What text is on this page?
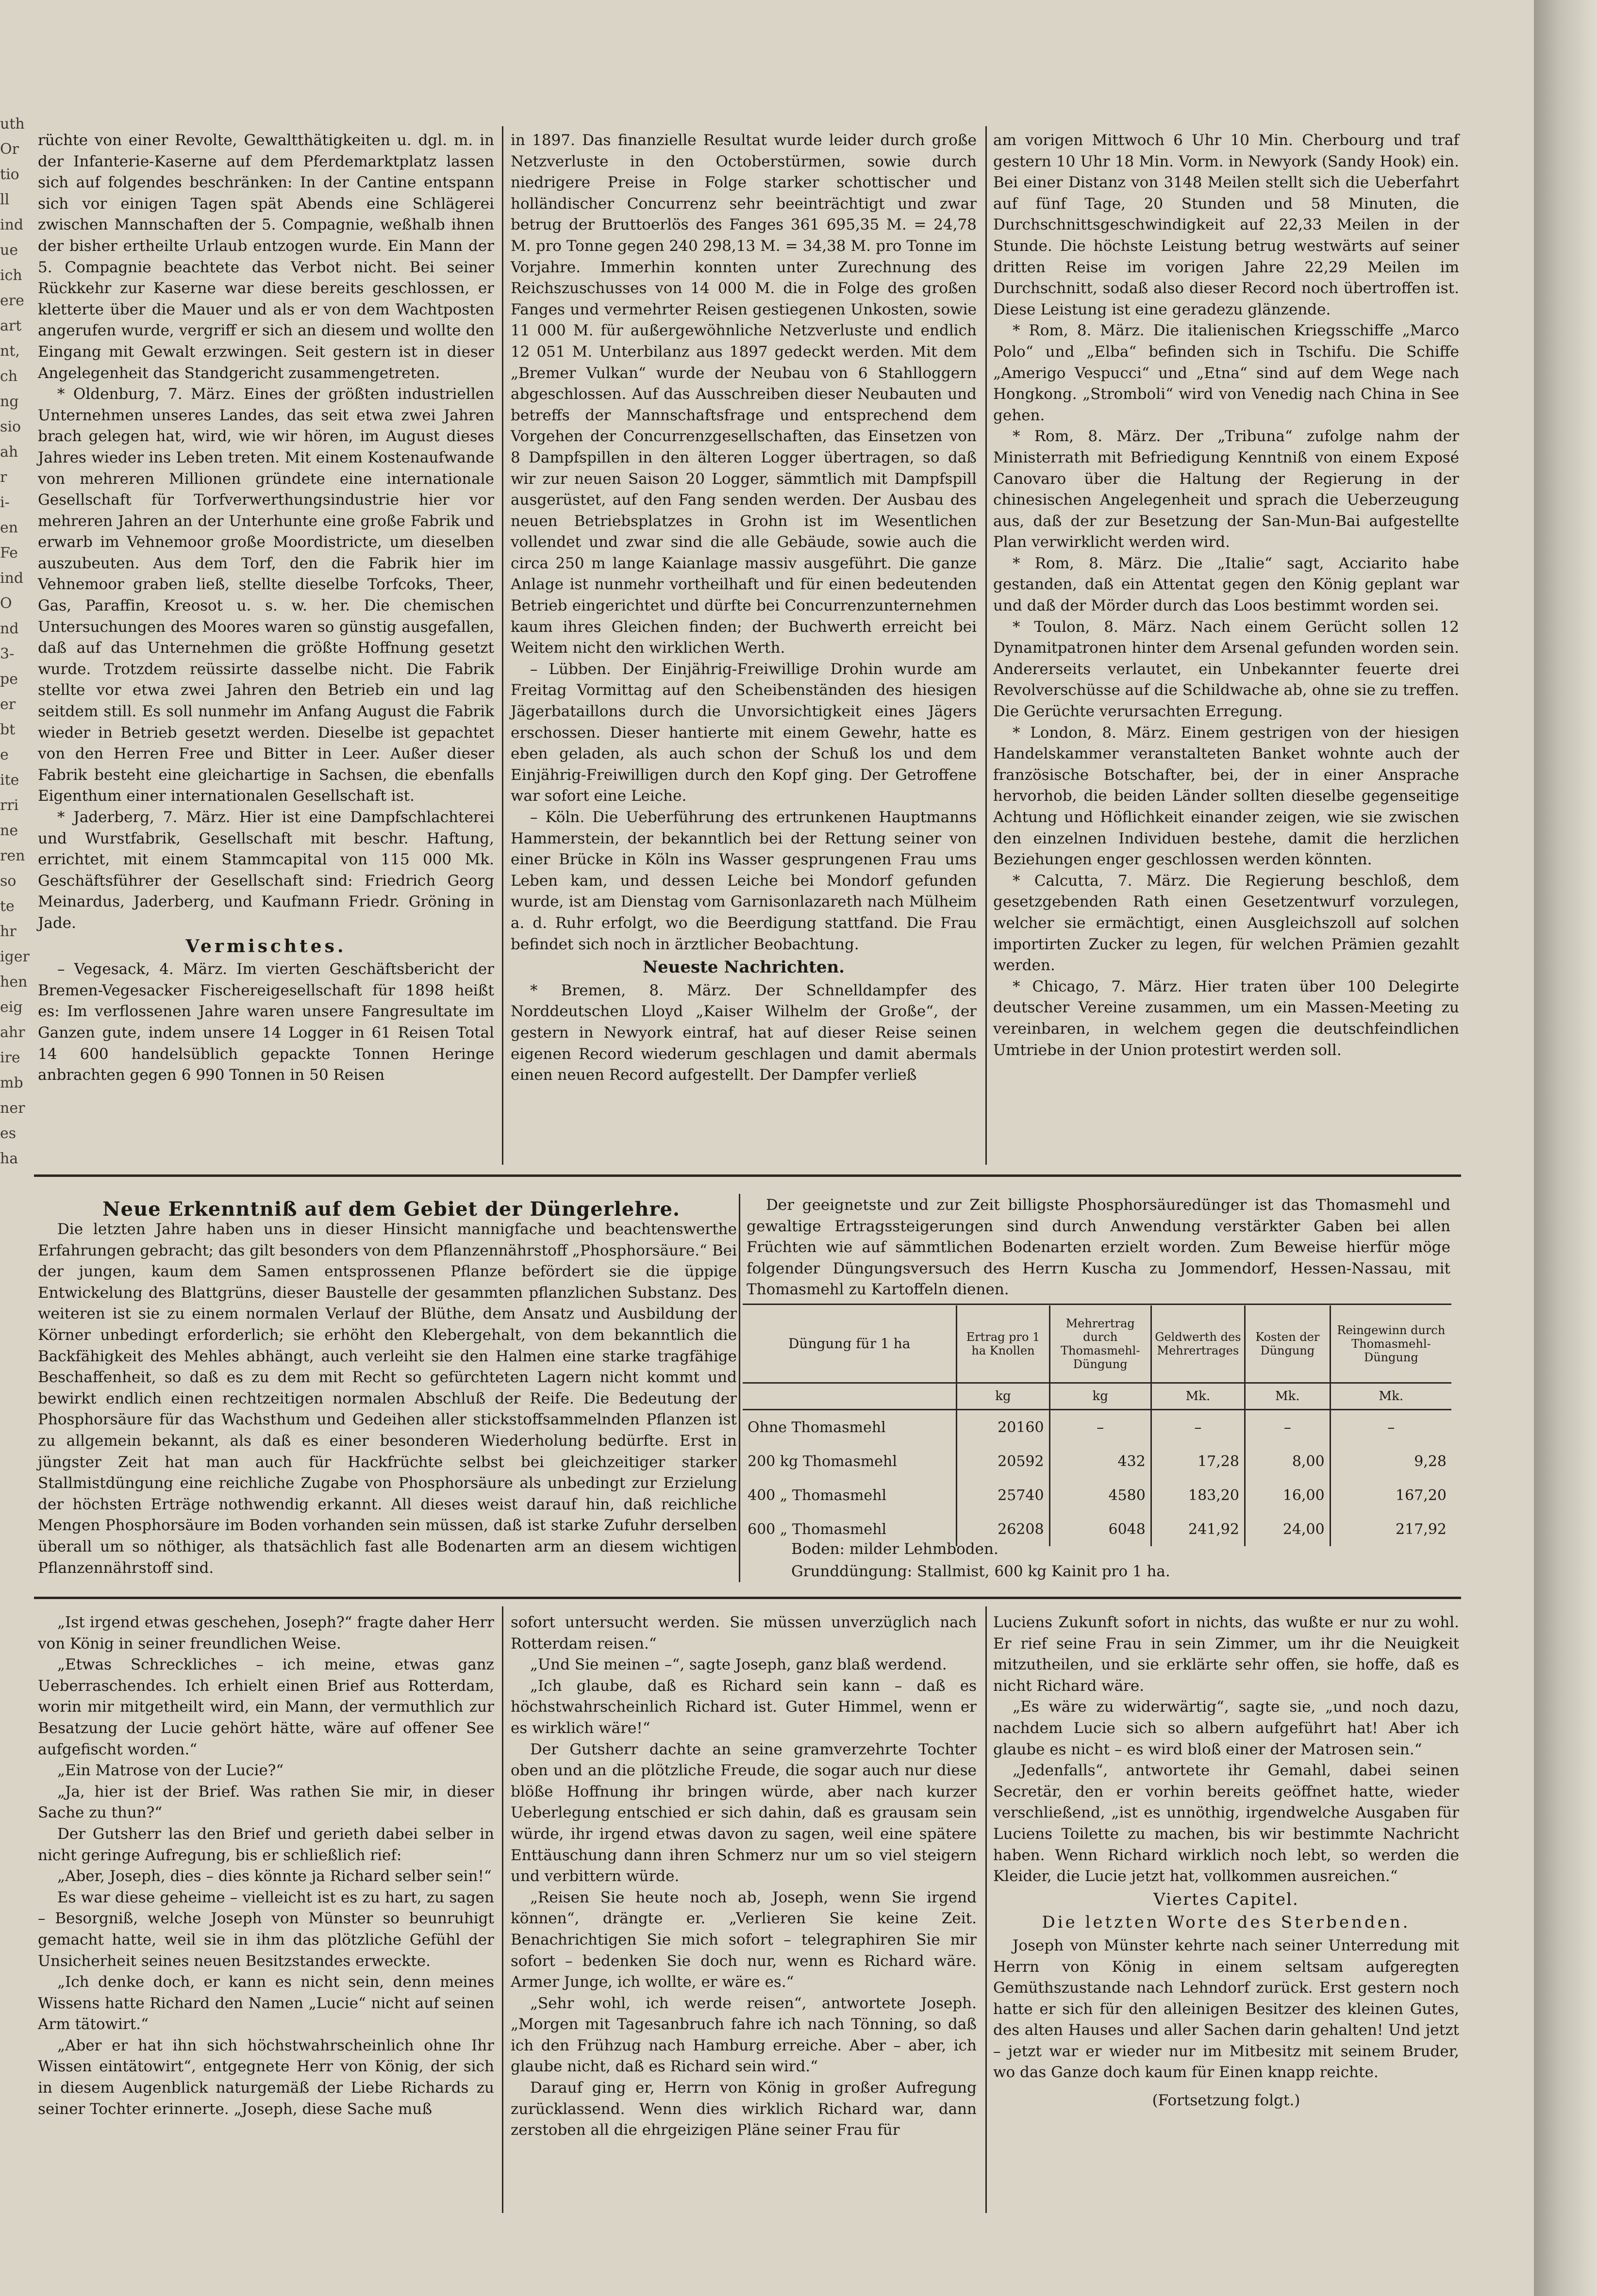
uth
Or
tio
ll
ind
ue
ich
ere
art
nt,
ch
ng
sio
ah
r
i-
en
Fe
ind
O
nd
3-
pe
er
bt
e
ite
rri
ne
ren
so
te
hr
iger
hen
eig
ahr
ire
mb
ner
es
ha

rüchte von einer Revolte, Gewaltthätigkeiten u. dgl. m. in der Infanterie-Kaserne auf dem Pferdemarktplatz lassen sich auf folgendes beschränken: In der Cantine entspann sich vor einigen Tagen spät Abends eine Schlägerei zwischen Mannschaften der 5. Compagnie, weßhalb ihnen der bisher ertheilte Urlaub entzogen wurde. Ein Mann der 5. Compagnie beachtete das Verbot nicht. Bei seiner Rückkehr zur Kaserne war diese bereits geschlossen, er kletterte über die Mauer und als er von dem Wachtposten angerufen wurde, vergriff er sich an diesem und wollte den Eingang mit Gewalt erzwingen. Seit gestern ist in dieser Angelegenheit das Standgericht zusammengetreten.

* Oldenburg, 7. März. Eines der größten industriellen Unternehmen unseres Landes, das seit etwa zwei Jahren brach gelegen hat, wird, wie wir hören, im August dieses Jahres wieder ins Leben treten. Mit einem Kostenaufwande von mehreren Millionen gründete eine internationale Gesellschaft für Torfverwerthungsindustrie hier vor mehreren Jahren an der Unterhunte eine große Fabrik und erwarb im Vehnemoor große Moordistricte, um dieselben auszubeuten. Aus dem Torf, den die Fabrik hier im Vehnemoor graben ließ, stellte dieselbe Torfcoks, Theer, Gas, Paraffin, Kreosot u. s. w. her. Die chemischen Untersuchungen des Moores waren so günstig ausgefallen, daß auf das Unternehmen die größte Hoffnung gesetzt wurde. Trotzdem reüssirte dasselbe nicht. Die Fabrik stellte vor etwa zwei Jahren den Betrieb ein und lag seitdem still. Es soll nunmehr im Anfang August die Fabrik wieder in Betrieb gesetzt werden. Dieselbe ist gepachtet von den Herren Free und Bitter in Leer. Außer dieser Fabrik besteht eine gleichartige in Sachsen, die ebenfalls Eigenthum einer internationalen Gesellschaft ist.

* Jaderberg, 7. März. Hier ist eine Dampfschlachterei und Wurstfabrik, Gesellschaft mit beschr. Haftung, errichtet, mit einem Stammcapital von 115 000 Mk. Geschäftsführer der Gesellschaft sind: Friedrich Georg Meinardus, Jaderberg, und Kaufmann Friedr. Gröning in Jade.

Vermischtes.

– Vegesack, 4. März. Im vierten Geschäftsbericht der Bremen-Vegesacker Fischereigesellschaft für 1898 heißt es: Im verflossenen Jahre waren unsere Fangresultate im Ganzen gute, indem unsere 14 Logger in 61 Reisen Total 14 600 handelsüblich gepackte Tonnen Heringe anbrachten gegen 6 990 Tonnen in 50 Reisen

in 1897. Das finanzielle Resultat wurde leider durch große Netzverluste in den Octoberstürmen, sowie durch niedrigere Preise in Folge starker schottischer und holländischer Concurrenz sehr beeinträchtigt und zwar betrug der Bruttoerlös des Fanges 361 695,35 M. = 24,78 M. pro Tonne gegen 240 298,13 M. = 34,38 M. pro Tonne im Vorjahre. Immerhin konnten unter Zurechnung des Reichszuschusses von 14 000 M. die in Folge des großen Fanges und vermehrter Reisen gestiegenen Unkosten, sowie 11 000 M. für außergewöhnliche Netzverluste und endlich 12 051 M. Unterbilanz aus 1897 gedeckt werden. Mit dem „Bremer Vulkan“ wurde der Neubau von 6 Stahlloggern abgeschlossen. Auf das Ausschreiben dieser Neubauten und betreffs der Mannschaftsfrage und entsprechend dem Vorgehen der Concurrenzgesellschaften, das Einsetzen von 8 Dampfspillen in den älteren Logger übertragen, so daß wir zur neuen Saison 20 Logger, sämmtlich mit Dampfspill ausgerüstet, auf den Fang senden werden. Der Ausbau des neuen Betriebsplatzes in Grohn ist im Wesentlichen vollendet und zwar sind die alle Gebäude, sowie auch die circa 250 m lange Kaianlage massiv ausgeführt. Die ganze Anlage ist nunmehr vortheilhaft und für einen bedeutenden Betrieb eingerichtet und dürfte bei Concurrenzunternehmen kaum ihres Gleichen finden; der Buchwerth erreicht bei Weitem nicht den wirklichen Werth.

– Lübben. Der Einjährig-Freiwillige Drohin wurde am Freitag Vormittag auf den Scheibenständen des hiesigen Jägerbataillons durch die Unvorsichtigkeit eines Jägers erschossen. Dieser hantierte mit einem Gewehr, hatte es eben geladen, als auch schon der Schuß los und dem Einjährig-Freiwilligen durch den Kopf ging. Der Getroffene war sofort eine Leiche.

– Köln. Die Ueberführung des ertrunkenen Hauptmanns Hammerstein, der bekanntlich bei der Rettung seiner von einer Brücke in Köln ins Wasser gesprungenen Frau ums Leben kam, und dessen Leiche bei Mondorf gefunden wurde, ist am Dienstag vom Garnisonlazareth nach Mülheim a. d. Ruhr erfolgt, wo die Beerdigung stattfand. Die Frau befindet sich noch in ärztlicher Beobachtung.

Neueste Nachrichten.

* Bremen, 8. März. Der Schnelldampfer des Norddeutschen Lloyd „Kaiser Wilhelm der Große“, der gestern in Newyork eintraf, hat auf dieser Reise seinen eigenen Record wiederum geschlagen und damit abermals einen neuen Record aufgestellt. Der Dampfer verließ

am vorigen Mittwoch 6 Uhr 10 Min. Cherbourg und traf gestern 10 Uhr 18 Min. Vorm. in Newyork (Sandy Hook) ein. Bei einer Distanz von 3148 Meilen stellt sich die Ueberfahrt auf fünf Tage, 20 Stunden und 58 Minuten, die Durchschnittsgeschwindigkeit auf 22,33 Meilen in der Stunde. Die höchste Leistung betrug westwärts auf seiner dritten Reise im vorigen Jahre 22,29 Meilen im Durchschnitt, sodaß also dieser Record noch übertroffen ist. Diese Leistung ist eine geradezu glänzende.

* Rom, 8. März. Die italienischen Kriegsschiffe „Marco Polo“ und „Elba“ befinden sich in Tschifu. Die Schiffe „Amerigo Vespucci“ und „Etna“ sind auf dem Wege nach Hongkong. „Stromboli“ wird von Venedig nach China in See gehen.

* Rom, 8. März. Der „Tribuna“ zufolge nahm der Ministerrath mit Befriedigung Kenntniß von einem Exposé Canovaro über die Haltung der Regierung in der chinesischen Angelegenheit und sprach die Ueberzeugung aus, daß der zur Besetzung der San-Mun-Bai aufgestellte Plan verwirklicht werden wird.

* Rom, 8. März. Die „Italie“ sagt, Acciarito habe gestanden, daß ein Attentat gegen den König geplant war und daß der Mörder durch das Loos bestimmt worden sei.

* Toulon, 8. März. Nach einem Gerücht sollen 12 Dynamitpatronen hinter dem Arsenal gefunden worden sein. Andererseits verlautet, ein Unbekannter feuerte drei Revolverschüsse auf die Schildwache ab, ohne sie zu treffen. Die Gerüchte verursachten Erregung.

* London, 8. März. Einem gestrigen von der hiesigen Handelskammer veranstalteten Banket wohnte auch der französische Botschafter, bei, der in einer Ansprache hervorhob, die beiden Länder sollten dieselbe gegenseitige Achtung und Höflichkeit einander zeigen, wie sie zwischen den einzelnen Individuen bestehe, damit die herzlichen Beziehungen enger geschlossen werden könnten.

* Calcutta, 7. März. Die Regierung beschloß, dem gesetzgebenden Rath einen Gesetzentwurf vorzulegen, welcher sie ermächtigt, einen Ausgleichszoll auf solchen importirten Zucker zu legen, für welchen Prämien gezahlt werden.

* Chicago, 7. März. Hier traten über 100 Delegirte deutscher Vereine zusammen, um ein Massen-Meeting zu vereinbaren, in welchem gegen die deutschfeindlichen Umtriebe in der Union protestirt werden soll.

Neue Erkenntniß auf dem Gebiet der Düngerlehre.

Die letzten Jahre haben uns in dieser Hinsicht mannigfache und beachtenswerthe Erfahrungen gebracht; das gilt besonders von dem Pflanzennährstoff „Phosphorsäure.“ Bei der jungen, kaum dem Samen entsprossenen Pflanze befördert sie die üppige Entwickelung des Blattgrüns, dieser Baustelle der gesammten pflanzlichen Substanz. Des weiteren ist sie zu einem normalen Verlauf der Blüthe, dem Ansatz und Ausbildung der Körner unbedingt erforderlich; sie erhöht den Klebergehalt, von dem bekanntlich die Backfähigkeit des Mehles abhängt, auch verleiht sie den Halmen eine starke tragfähige Beschaffenheit, so daß es zu dem mit Recht so gefürchteten Lagern nicht kommt und bewirkt endlich einen rechtzeitigen normalen Abschluß der Reife. Die Bedeutung der Phosphorsäure für das Wachsthum und Gedeihen aller stickstoffsammelnden Pflanzen ist zu allgemein bekannt, als daß es einer besonderen Wiederholung bedürfte. Erst in jüngster Zeit hat man auch für Hackfrüchte selbst bei gleichzeitiger starker Stallmistdüngung eine reichliche Zugabe von Phosphorsäure als unbedingt zur Erzielung der höchsten Erträge nothwendig erkannt. All dieses weist darauf hin, daß reichliche Mengen Phosphorsäure im Boden vorhanden sein müssen, daß ist starke Zufuhr derselben überall um so nöthiger, als thatsächlich fast alle Bodenarten arm an diesem wichtigen Pflanzennährstoff sind.

Der geeignetste und zur Zeit billigste Phosphorsäuredünger ist das Thomasmehl und gewaltige Ertragssteigerungen sind durch Anwendung verstärkter Gaben bei allen Früchten wie auf sämmtlichen Bodenarten erzielt worden. Zum Beweise hierfür möge folgender Düngungsversuch des Herrn Kuscha zu Jommendorf, Hessen-Nassau, mit Thomasmehl zu Kartoffeln dienen.

Düngung für 1 ha	Ertrag pro 1 ha Knollen	Mehrertrag durch Thomasmehl-Düngung	Geldwerth des Mehrertrages	Kosten der Düngung	Reingewinn durch Thomasmehl-Düngung
	kg	kg	Mk.	Mk.	Mk.
Ohne Thomasmehl	20160	–	–	–	–
200 kg Thomasmehl	20592	432	17,28	8,00	9,28
400 „ Thomasmehl	25740	4580	183,20	16,00	167,20
600 „ Thomasmehl	26208	6048	241,92	24,00	217,92
Boden: milder Lehmboden.
Grunddüngung: Stallmist, 600 kg Kainit pro 1 ha.

„Ist irgend etwas geschehen, Joseph?“ fragte daher Herr von König in seiner freundlichen Weise.

„Etwas Schreckliches – ich meine, etwas ganz Ueberraschendes. Ich erhielt einen Brief aus Rotterdam, worin mir mitgetheilt wird, ein Mann, der vermuthlich zur Besatzung der Lucie gehört hätte, wäre auf offener See aufgefischt worden.“

„Ein Matrose von der Lucie?“

„Ja, hier ist der Brief. Was rathen Sie mir, in dieser Sache zu thun?“

Der Gutsherr las den Brief und gerieth dabei selber in nicht geringe Aufregung, bis er schließlich rief:

„Aber, Joseph, dies – dies könnte ja Richard selber sein!“

Es war diese geheime – vielleicht ist es zu hart, zu sagen – Besorgniß, welche Joseph von Münster so beunruhigt gemacht hatte, weil sie in ihm das plötzliche Gefühl der Unsicherheit seines neuen Besitzstandes erweckte.

„Ich denke doch, er kann es nicht sein, denn meines Wissens hatte Richard den Namen „Lucie“ nicht auf seinen Arm tätowirt.“

„Aber er hat ihn sich höchstwahrscheinlich ohne Ihr Wissen eintätowirt“, entgegnete Herr von König, der sich in diesem Augenblick naturgemäß der Liebe Richards zu seiner Tochter erinnerte. „Joseph, diese Sache muß

sofort untersucht werden. Sie müssen unverzüglich nach Rotterdam reisen.“

„Und Sie meinen –“, sagte Joseph, ganz blaß werdend.

„Ich glaube, daß es Richard sein kann – daß es höchstwahrscheinlich Richard ist. Guter Himmel, wenn er es wirklich wäre!“

Der Gutsherr dachte an seine gramverzehrte Tochter oben und an die plötzliche Freude, die sogar auch nur diese blöße Hoffnung ihr bringen würde, aber nach kurzer Ueberlegung entschied er sich dahin, daß es grausam sein würde, ihr irgend etwas davon zu sagen, weil eine spätere Enttäuschung dann ihren Schmerz nur um so viel steigern und verbittern würde.

„Reisen Sie heute noch ab, Joseph, wenn Sie irgend können“, drängte er. „Verlieren Sie keine Zeit. Benachrichtigen Sie mich sofort – telegraphiren Sie mir sofort – bedenken Sie doch nur, wenn es Richard wäre. Armer Junge, ich wollte, er wäre es.“

„Sehr wohl, ich werde reisen“, antwortete Joseph. „Morgen mit Tagesanbruch fahre ich nach Tönning, so daß ich den Frühzug nach Hamburg erreiche. Aber – aber, ich glaube nicht, daß es Richard sein wird.“

Darauf ging er, Herrn von König in großer Aufregung zurücklassend. Wenn dies wirklich Richard war, dann zerstoben all die ehrgeizigen Pläne seiner Frau für

Luciens Zukunft sofort in nichts, das wußte er nur zu wohl. Er rief seine Frau in sein Zimmer, um ihr die Neuigkeit mitzutheilen, und sie erklärte sehr offen, sie hoffe, daß es nicht Richard wäre.

„Es wäre zu widerwärtig“, sagte sie, „und noch dazu, nachdem Lucie sich so albern aufgeführt hat! Aber ich glaube es nicht – es wird bloß einer der Matrosen sein.“

„Jedenfalls“, antwortete ihr Gemahl, dabei seinen Secretär, den er vorhin bereits geöffnet hatte, wieder verschließend, „ist es unnöthig, irgendwelche Ausgaben für Luciens Toilette zu machen, bis wir bestimmte Nachricht haben. Wenn Richard wirklich noch lebt, so werden die Kleider, die Lucie jetzt hat, vollkommen ausreichen.“

Viertes Capitel.
Die letzten Worte des Sterbenden.

Joseph von Münster kehrte nach seiner Unterredung mit Herrn von König in einem seltsam aufgeregten Gemüthszustande nach Lehndorf zurück. Erst gestern noch hatte er sich für den alleinigen Besitzer des kleinen Gutes, des alten Hauses und aller Sachen darin gehalten! Und jetzt – jetzt war er wieder nur im Mitbesitz mit seinem Bruder, wo das Ganze doch kaum für Einen knapp reichte.

(Fortsetzung folgt.)
